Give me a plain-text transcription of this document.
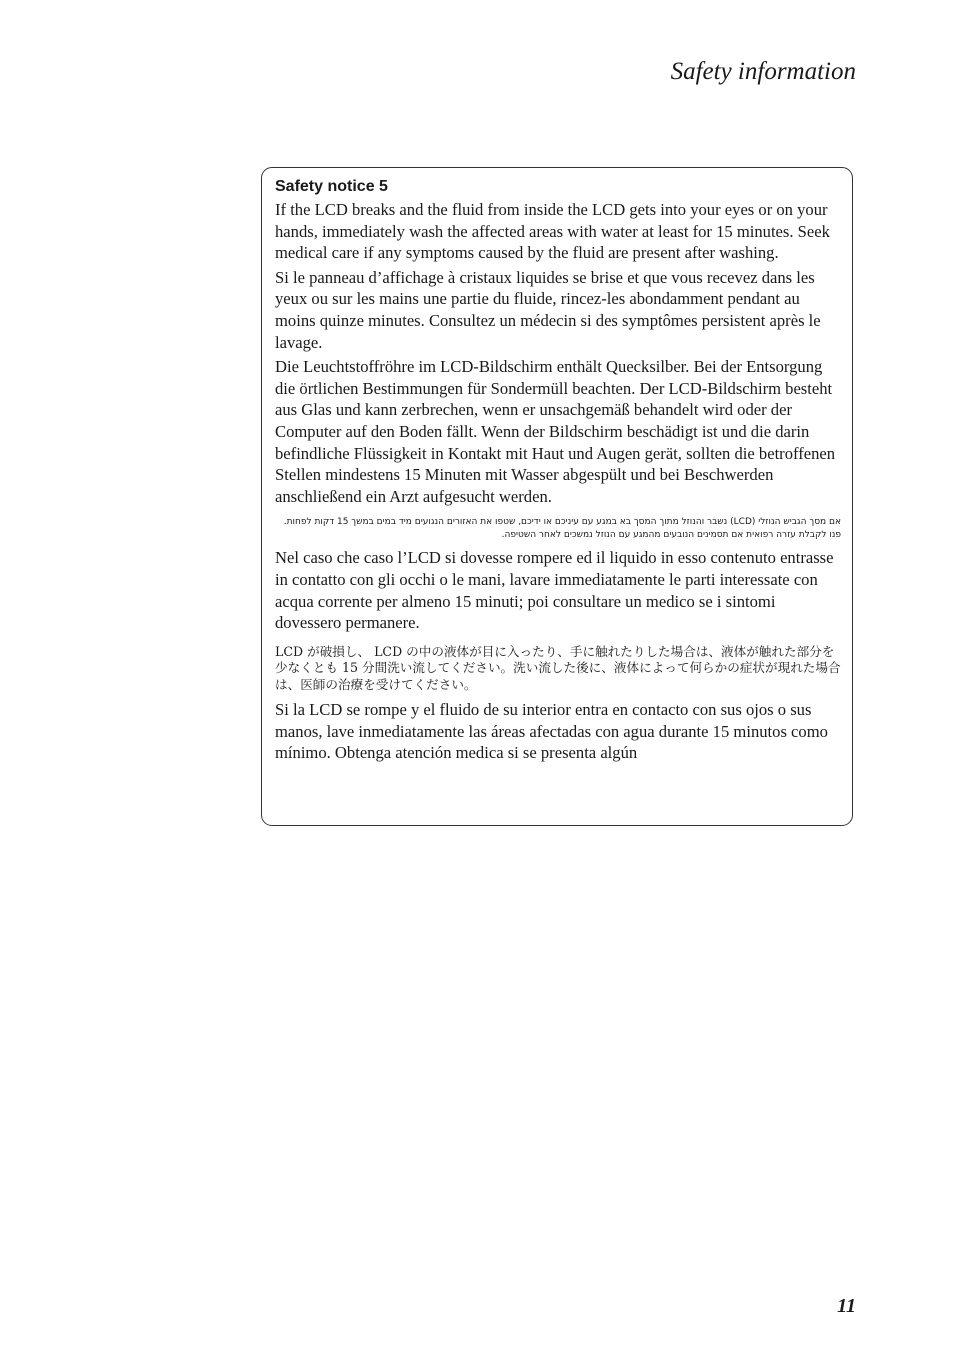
Safety information
Safety notice 5

If the LCD breaks and the fluid from inside the LCD gets into your eyes or on your hands, immediately wash the affected areas with water at least for 15 minutes. Seek medical care if any symptoms caused by the fluid are present after washing.

Si le panneau d’affichage à cristaux liquides se brise et que vous recevez dans les yeux ou sur les mains une partie du fluide, rincez-les abondamment pendant au moins quinze minutes. Consultez un médecin si des symptômes persistent après le lavage.

Die Leuchtstoffröhre im LCD-Bildschirm enthält Quecksilber. Bei der Entsorgung die örtlichen Bestimmungen für Sondermüll beachten. Der LCD-Bildschirm besteht aus Glas und kann zerbrechen, wenn er unsachgemäß behandelt wird oder der Computer auf den Boden fällt. Wenn der Bildschirm beschädigt ist und die darin befindliche Flüssigkeit in Kontakt mit Haut und Augen gerät, sollten die betroffenen Stellen mindestens 15 Minuten mit Wasser abgespült und bei Beschwerden anschließend ein Arzt aufgesucht werden.

אם מסך הגביש הנוזלי (LCD) נשבר והנוזל מתוך המסך בא במגע עם עיניכם או ידיכם, שטפו את האזורים הנגועים מיד במים במשך 15 דקות לפחות. פנו לקבלת עזרה רפואית אם תסמינים הנובעים מהמגע עם הנוזל נמשכים לאחר השטיפה.

Nel caso che caso l’LCD si dovesse rompere ed il liquido in esso contenuto entrasse in contatto con gli occhi o le mani, lavare immediatamente le parti interessate con acqua corrente per almeno 15 minuti; poi consultare un medico se i sintomi dovessero permanere.

LCD が破損し、 LCD の中の液体が目に入ったり、手に触れたりした場合は、液体が触れた部分を少なくとも 15 分間洗い流してください。洗い流した後に、液体によって何らかの症状が現れた場合は、医師の治療を受けてください。

Si la LCD se rompe y el fluido de su interior entra en contacto con sus ojos o sus manos, lave inmediatamente las áreas afectadas con agua durante 15 minutos como mínimo. Obtenga atención medica si se presenta algún

11
